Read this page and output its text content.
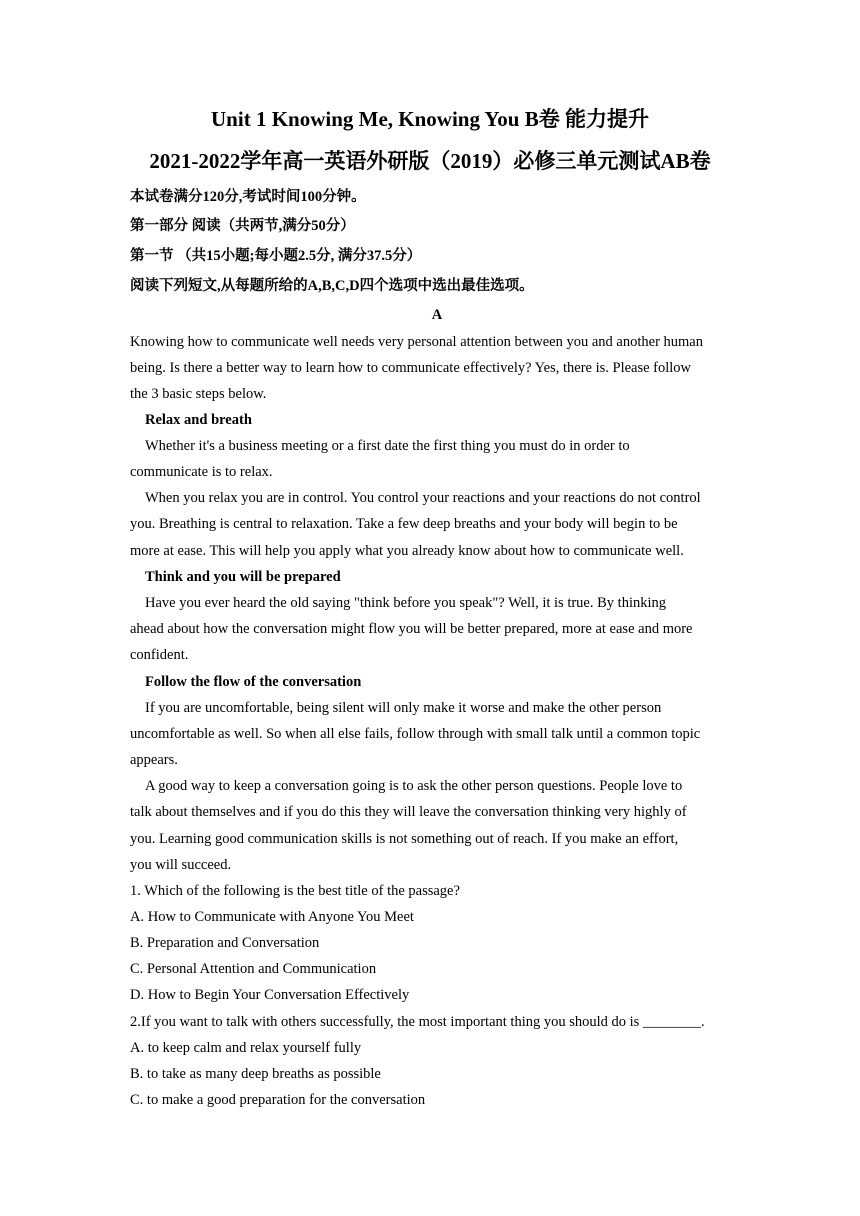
Unit 1 Knowing Me, Knowing You B卷 能力提升
2021-2022学年高一英语外研版（2019）必修三单元测试AB卷
本试卷满分120分,考试时间100分钟。
第一部分 阅读（共两节,满分50分）
第一节 （共15小题;每小题2.5分, 满分37.5分）
阅读下列短文,从每题所给的A,B,C,D四个选项中选出最佳选项。
A
Knowing how to communicate well needs very personal attention between you and another human
being. Is there a better way to learn how to communicate effectively? Yes, there is. Please follow
the 3 basic steps below.
Relax and breath
Whether it's a business meeting or a first date the first thing you must do in order to
communicate is to relax.
When you relax you are in control. You control your reactions and your reactions do not control
you. Breathing is central to relaxation. Take a few deep breaths and your body will begin to be
more at ease. This will help you apply what you already know about how to communicate well.
Think and you will be prepared
Have you ever heard the old saying "think before you speak"? Well, it is true. By thinking
ahead about how the conversation might flow you will be better prepared, more at ease and more
confident.
Follow the flow of the conversation
If you are uncomfortable, being silent will only make it worse and make the other person
uncomfortable as well. So when all else fails, follow through with small talk until a common topic
appears.
A good way to keep a conversation going is to ask the other person questions. People love to
talk about themselves and if you do this they will leave the conversation thinking very highly of
you. Learning good communication skills is not something out of reach. If you make an effort,
you will succeed.
1. Which of the following is the best title of the passage?
A. How to Communicate with Anyone You Meet
B. Preparation and Conversation
C. Personal Attention and Communication
D. How to Begin Your Conversation Effectively
2.If you want to talk with others successfully, the most important thing you should do is ________.
A. to keep calm and relax yourself fully
B. to take as many deep breaths as possible
C. to make a good preparation for the conversation
